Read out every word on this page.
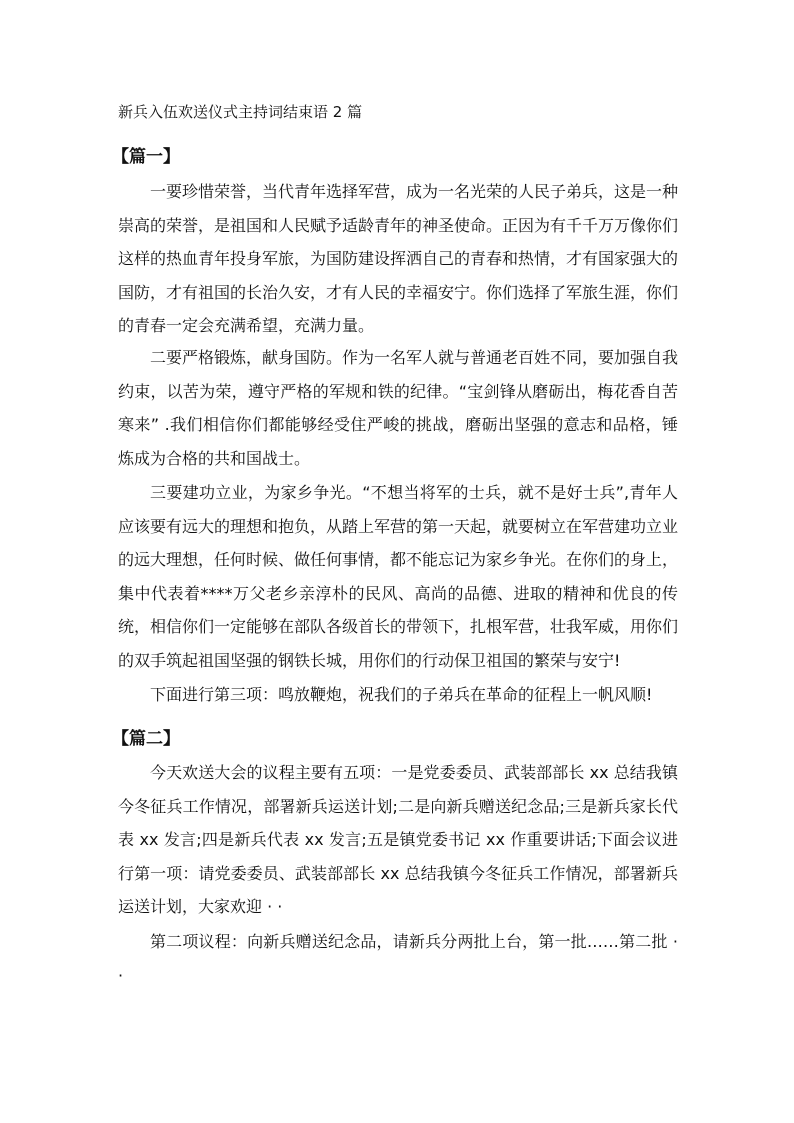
新兵入伍欢送仪式主持词结束语 2 篇
【篇一】

一要珍惜荣誉，当代青年选择军营，成为一名光荣的人民子弟兵，这是一种崇高的荣誉，是祖国和人民赋予适龄青年的神圣使命。正因为有千千万万像你们这样的热血青年投身军旅，为国防建设挥洒自己的青春和热情，才有国家强大的国防，才有祖国的长治久安，才有人民的幸福安宁。你们选择了军旅生涯，你们的青春一定会充满希望，充满力量。

二要严格锻炼，献身国防。作为一名军人就与普通老百姓不同，要加强自我约束，以苦为荣，遵守严格的军规和铁的纪律。“宝剑锋从磨砺出，梅花香自苦寒来” .我们相信你们都能够经受住严峻的挑战，磨砺出坚强的意志和品格，锤炼成为合格的共和国战士。

三要建功立业，为家乡争光。“不想当将军的士兵，就不是好士兵”,青年人应该要有远大的理想和抱负，从踏上军营的第一天起，就要树立在军营建功立业的远大理想，任何时候、做任何事情，都不能忘记为家乡争光。在你们的身上，集中代表着****万父老乡亲淳朴的民风、高尚的品德、进取的精神和优良的传统，相信你们一定能够在部队各级首长的带领下，扎根军营，壮我军威，用你们的双手筑起祖国坚强的钢铁长城，用你们的行动保卫祖国的繁荣与安宁!

下面进行第三项：鸣放鞭炮，祝我们的子弟兵在革命的征程上一帆风顺!

【篇二】

今天欢送大会的议程主要有五项：一是党委委员、武装部部长 xx 总结我镇今冬征兵工作情况，部署新兵运送计划;二是向新兵赠送纪念品;三是新兵家长代表 xx 发言;四是新兵代表 xx 发言;五是镇党委书记 xx 作重要讲话;下面会议进行第一项：请党委委员、武装部部长 xx 总结我镇今冬征兵工作情况，部署新兵运送计划，大家欢迎 · ·

第二项议程：向新兵赠送纪念品，请新兵分两批上台，第一批……第二批 · ·
